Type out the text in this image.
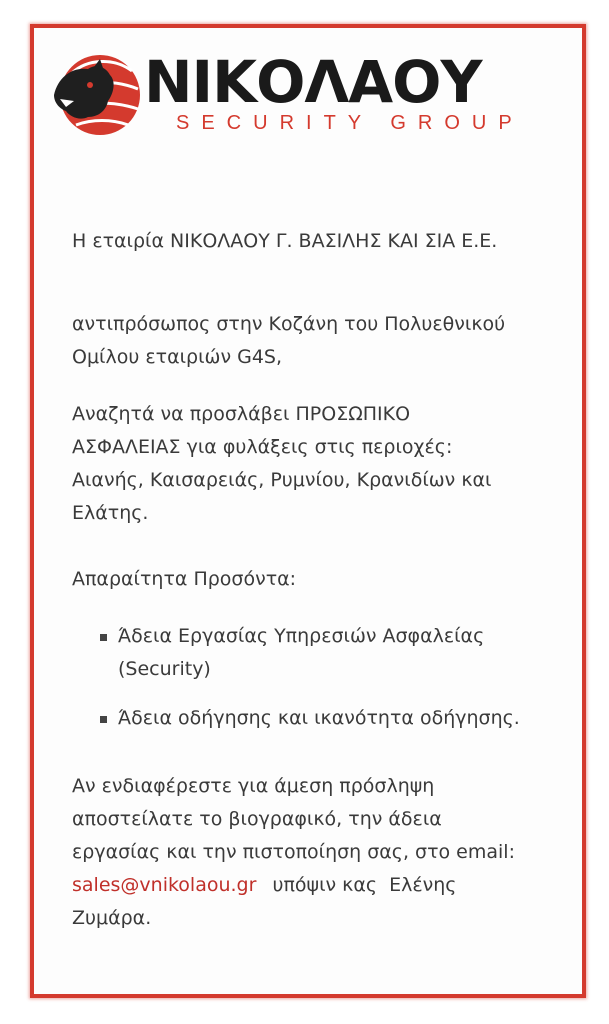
ΝΙΚΟΛΑΟΥ
SECURITY GROUP

Η εταιρία ΝΙΚΟΛΑΟΥ Γ. ΒΑΣΙΛΗΣ ΚΑΙ ΣΙΑ Ε.Ε.

αντιπρόσωπος στην Κοζάνη του Πολυεθνικού
Ομίλου εταιριών G4S,
Αναζητά να προσλάβει ΠΡΟΣΩΠΙΚΟ
ΑΣΦΑΛΕΙΑΣ για φυλάξεις στις περιοχές:
Αιανής, Καισαρειάς, Ρυμνίου, Κρανιδίων και
Ελάτης.

Απαραίτητα Προσόντα:

Άδεια Εργασίας Υπηρεσιών Ασφαλείας
(Security)
Άδεια οδήγησης και ικανότητα οδήγησης.
Αν ενδιαφέρεστε για άμεση πρόσληψη
αποστείλατε το βιογραφικό, την άδεια
εργασίας και την πιστοποίηση σας, στο email:
sales@vnikolaou.gr υπόψιν κας  Ελένης
Ζυμάρα.
